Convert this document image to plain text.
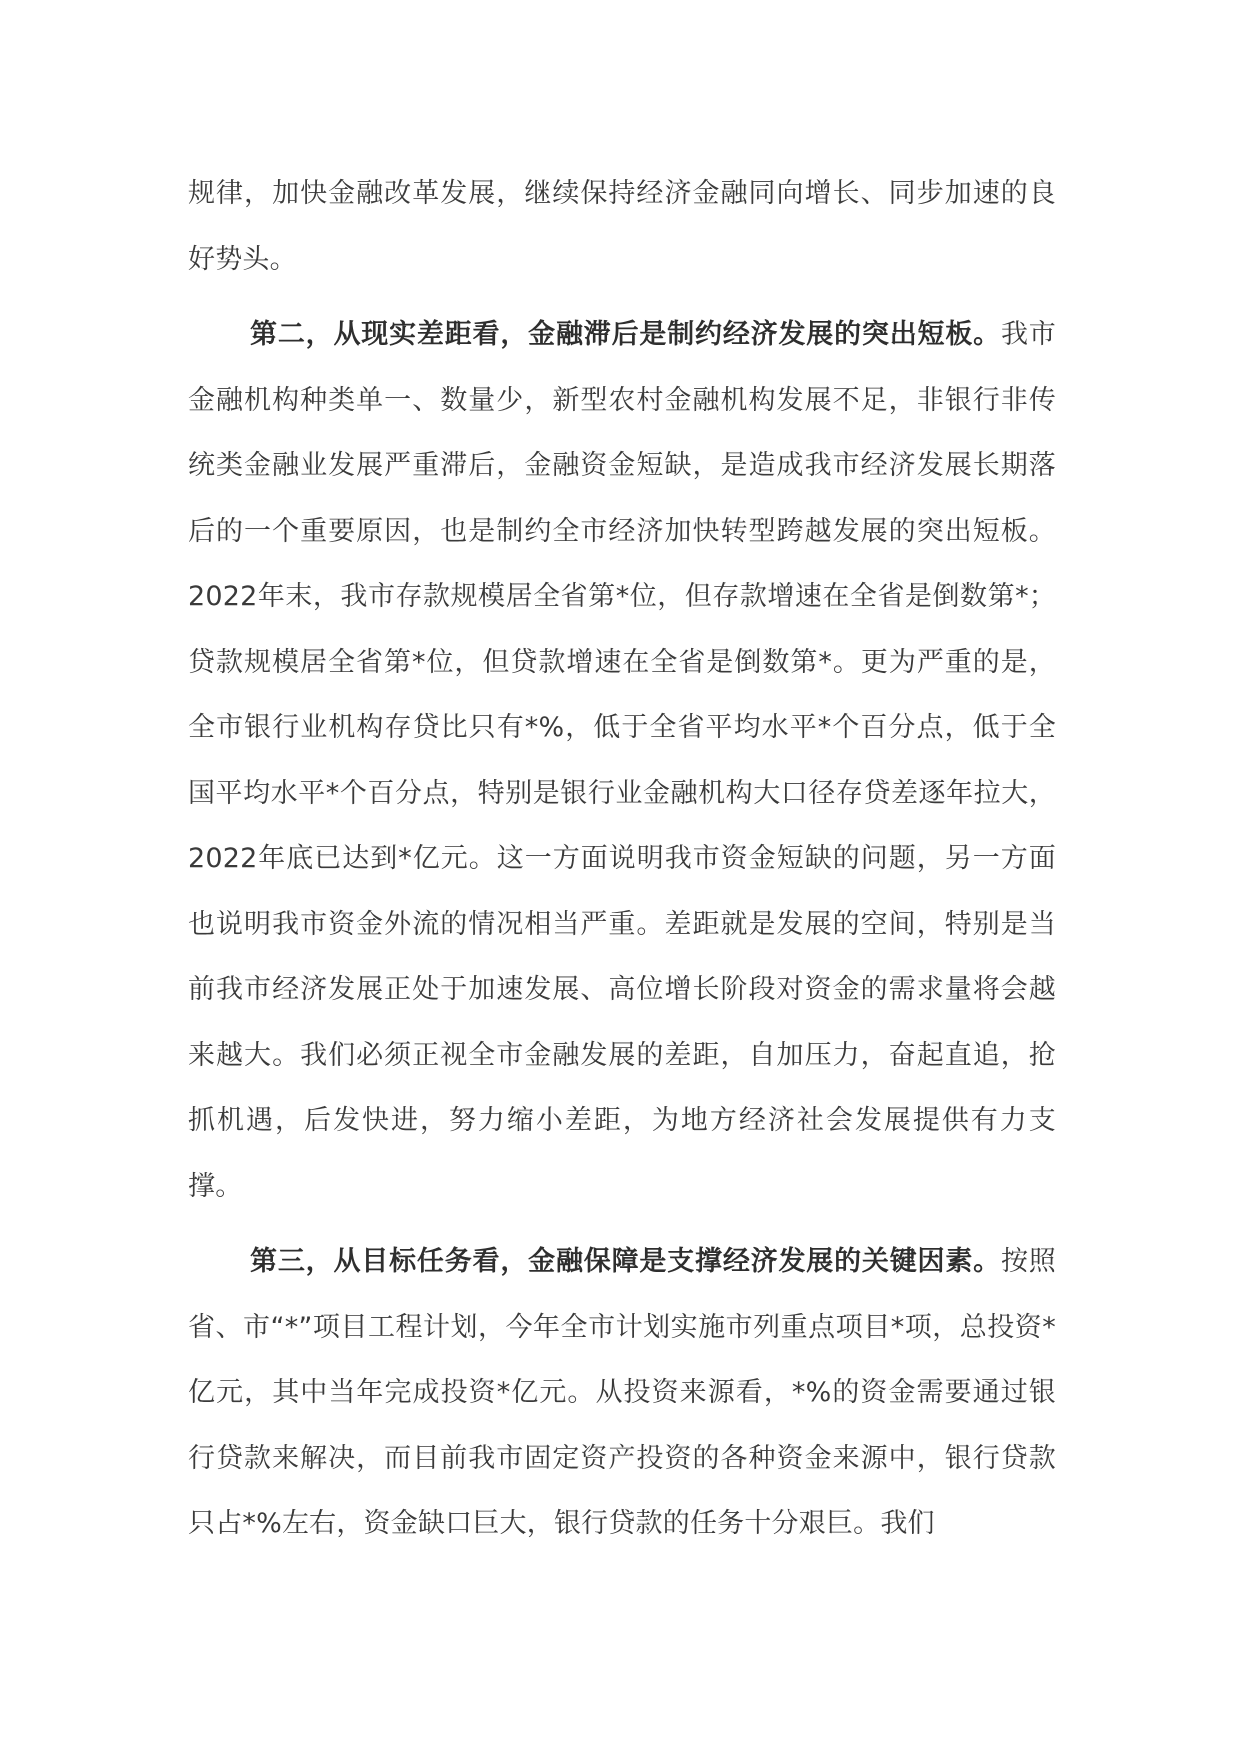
规律，加快金融改革发展，继续保持经济金融同向增长、同步加速的良好势头。

第二，从现实差距看，金融滞后是制约经济发展的突出短板。我市金融机构种类单一、数量少，新型农村金融机构发展不足，非银行非传统类金融业发展严重滞后，金融资金短缺，是造成我市经济发展长期落后的一个重要原因，也是制约全市经济加快转型跨越发展的突出短板。2022年末，我市存款规模居全省第*位，但存款增速在全省是倒数第*；贷款规模居全省第*位，但贷款增速在全省是倒数第*。更为严重的是，全市银行业机构存贷比只有*%，低于全省平均水平*个百分点，低于全国平均水平*个百分点，特别是银行业金融机构大口径存贷差逐年拉大，2022年底已达到*亿元。这一方面说明我市资金短缺的问题，另一方面也说明我市资金外流的情况相当严重。差距就是发展的空间，特别是当前我市经济发展正处于加速发展、高位增长阶段对资金的需求量将会越来越大。我们必须正视全市金融发展的差距，自加压力，奋起直追，抢抓机遇，后发快进，努力缩小差距，为地方经济社会发展提供有力支撑。

第三，从目标任务看，金融保障是支撑经济发展的关键因素。按照省、市“*”项目工程计划，今年全市计划实施市列重点项目*项，总投资*亿元，其中当年完成投资*亿元。从投资来源看，*%的资金需要通过银行贷款来解决，而目前我市固定资产投资的各种资金来源中，银行贷款只占*%左右，资金缺口巨大，银行贷款的任务十分艰巨。我们
